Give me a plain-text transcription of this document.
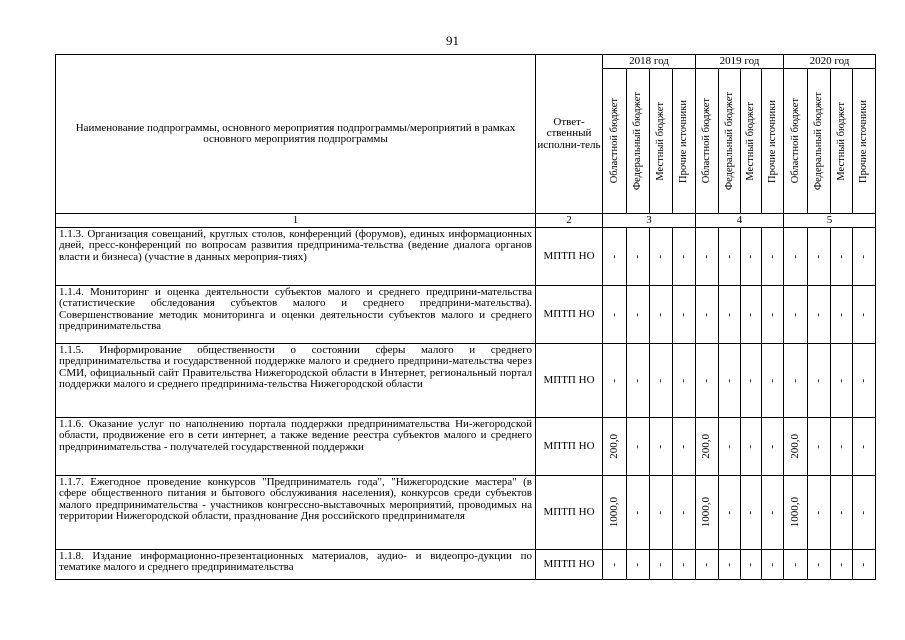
91
Наименование подпрограммы, основного мероприятия подпрограммы/мероприятий в рамках основного мероприятия подпрограммы	Ответ-ственный исполни-тель	2018 год				2019 год				2020 год			

		Областной бюджет	Федеральный бюджет	Местный бюджет	Прочие источники	Областной бюджет	Федеральный бюджет	Местный бюджет	Прочие источники	Областной бюджет	Федеральный бюджет	Местный бюджет	Прочие источники

1	2	3				4				5			
1.1.3. Организация совещаний, круглых столов, конференций (форумов), единых информационных дней, пресс-конференций по вопросам развития предпринима-тельства (ведение диалога органов власти и бизнеса) (участие в данных мероприя-тиях)	МПТП НО	-	-	-	-	-	-	-	-	-	-	-	-

1.1.4. Мониторинг и оценка деятельности субъектов малого и среднего предприни-мательства (статистические обследования субъектов малого и среднего предприни-мательства). Совершенствование методик мониторинга и оценки деятельности субъектов малого и среднего предпринимательства	МПТП НО	-	-	-	-	-	-	-	-	-	-	-	-

1.1.5. Информирование общественности о состоянии сферы малого и среднего предпринимательства и государственной поддержке малого и среднего предприни-мательства через СМИ, официальный сайт Правительства Нижегородской области в Интернет, региональный портал поддержки малого и среднего предпринима-тельства Нижегородской области	МПТП НО	-	-	-	-	-	-	-	-	-	-	-	-

1.1.6. Оказание услуг по наполнению портала поддержки предпринимательства Ни-жегородской области, продвижение его в сети интернет, а также ведение реестра субъектов малого и среднего предпринимательства - получателей государственной поддержки	МПТП НО	200,0	-	-	-	200,0	-	-	-	200,0	-	-	-

1.1.7. Ежегодное проведение конкурсов "Предприниматель года", "Нижегородские мастера" (в сфере общественного питания и бытового обслуживания населения), конкурсов среди субъектов малого предпринимательства - участников конгрессно-выставочных мероприятий, проводимых на территории Нижегородской области, празднование Дня российского предпринимателя	МПТП НО	1000,0	-	-	-	1000,0	-	-	-	1000,0	-	-	-

1.1.8. Издание информационно-презентационных материалов, аудио- и видеопро-дукции по тематике малого и среднего предпринимательства	МПТП НО	-	-	-	-	-	-	-	-	-	-	-	-
